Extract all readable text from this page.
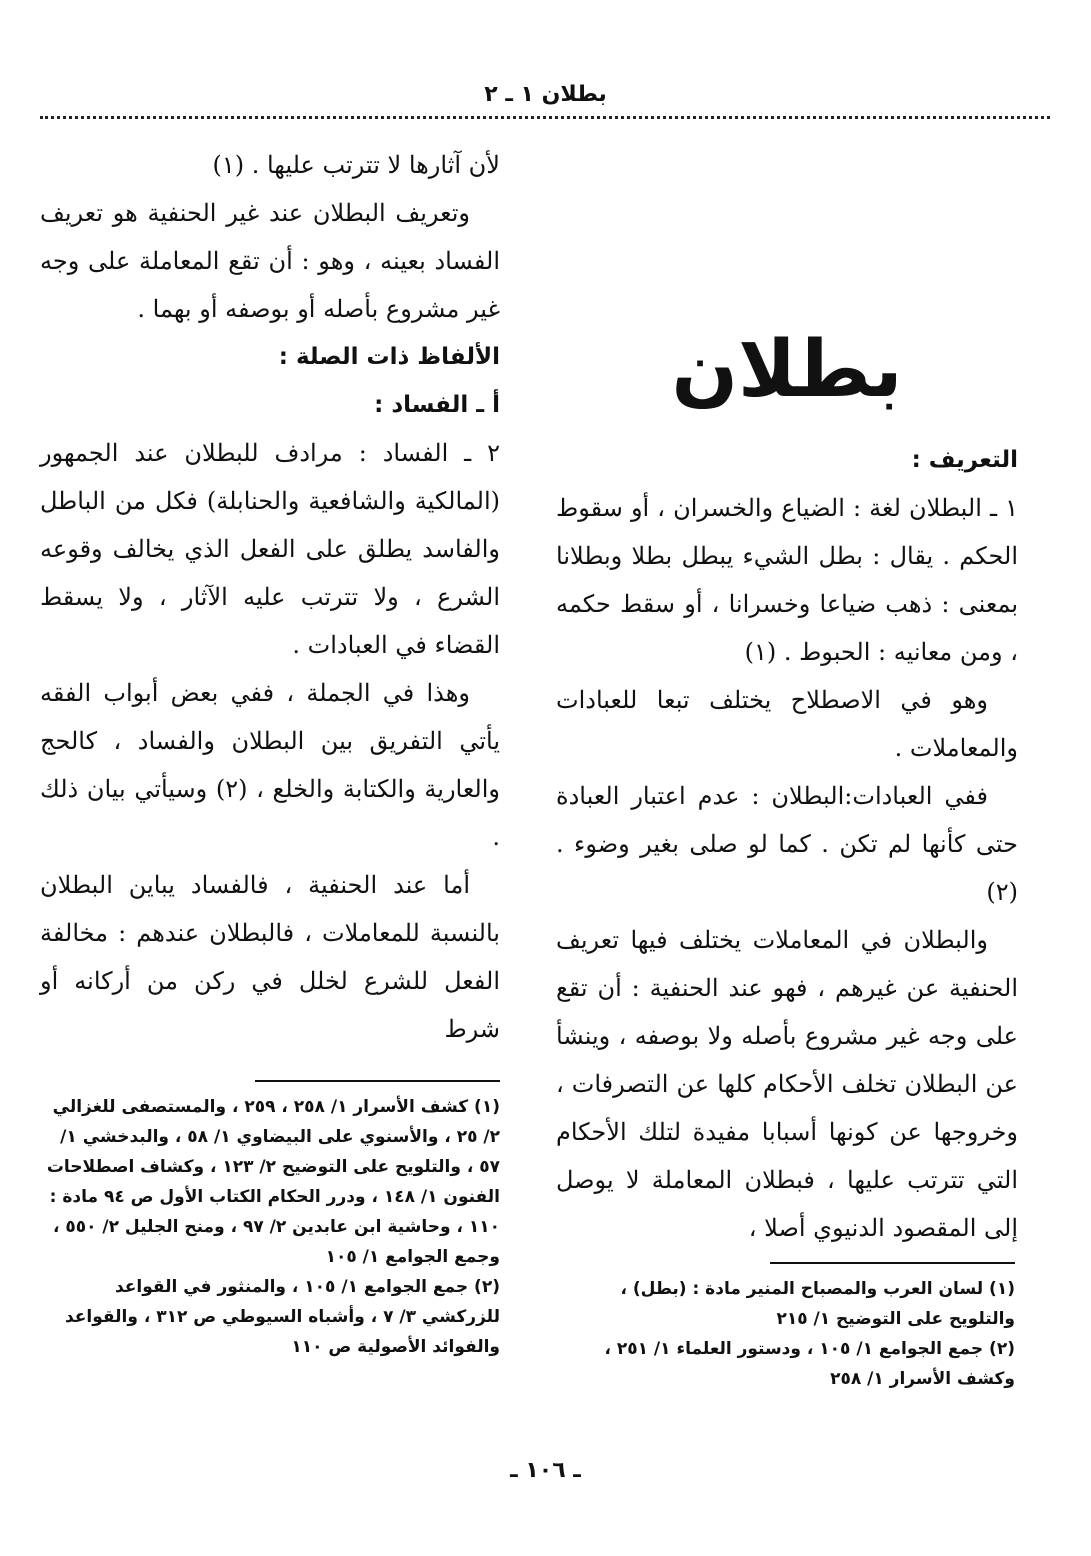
بطلان ١ ـ ٢
بطلان

التعريف :

١ ـ البطلان لغة : الضياع والخسران ، أو سقوط الحكم . يقال : بطل الشيء يبطل بطلا وبطلانا بمعنى : ذهب ضياعا وخسرانا ، أو سقط حكمه ، ومن معانيه : الحبوط . (١)

وهو في الاصطلاح يختلف تبعا للعبادات والمعاملات .

ففي العبادات:البطلان : عدم اعتبار العبادة حتى كأنها لم تكن . كما لو صلى بغير وضوء . (٢)

والبطلان في المعاملات يختلف فيها تعريف الحنفية عن غيرهم ، فهو عند الحنفية : أن تقع على وجه غير مشروع بأصله ولا بوصفه ، وينشأ عن البطلان تخلف الأحكام كلها عن التصرفات ، وخروجها عن كونها أسبابا مفيدة لتلك الأحكام التي تترتب عليها ، فبطلان المعاملة لا يوصل إلى المقصود الدنيوي أصلا ،

(١) لسان العرب والمصباح المنير مادة : (بطل) ، والتلويح على التوضيح ١/ ٢١٥

(٢) جمع الجوامع ١/ ١٠٥ ، ودستور العلماء ١/ ٢٥١ ، وكشف الأسرار ١/ ٢٥٨

لأن آثارها لا تترتب عليها . (١)

وتعريف البطلان عند غير الحنفية هو تعريف الفساد بعينه ، وهو : أن تقع المعاملة على وجه غير مشروع بأصله أو بوصفه أو بهما .

الألفاظ ذات الصلة :

أ ـ الفساد :

٢ ـ الفساد : مرادف للبطلان عند الجمهور (المالكية والشافعية والحنابلة) فكل من الباطل والفاسد يطلق على الفعل الذي يخالف وقوعه الشرع ، ولا تترتب عليه الآثار ، ولا يسقط القضاء في العبادات .

وهذا في الجملة ، ففي بعض أبواب الفقه يأتي التفريق بين البطلان والفساد ، كالحج والعارية والكتابة والخلع ، (٢) وسيأتي بيان ذلك .

أما عند الحنفية ، فالفساد يباين البطلان بالنسبة للمعاملات ، فالبطلان عندهم : مخالفة الفعل للشرع لخلل في ركن من أركانه أو شرط

(١) كشف الأسرار ١/ ٢٥٨ ، ٢٥٩ ، والمستصفى للغزالي ٢/ ٢٥ ، والأسنوي على البيضاوي ١/ ٥٨ ، والبدخشي ١/ ٥٧ ، والتلويح على التوضيح ٢/ ١٢٣ ، وكشاف اصطلاحات الفنون ١/ ١٤٨ ، ودرر الحكام الكتاب الأول ص ٩٤ مادة : ١١٠ ، وحاشية ابن عابدين ٢/ ٩٧ ، ومنح الجليل ٢/ ٥٥٠ ، وجمع الجوامع ١/ ١٠٥

(٢) جمع الجوامع ١/ ١٠٥ ، والمنثور في القواعد للزركشي ٣/ ٧ ، وأشباه السيوطي ص ٣١٢ ، والقواعد والفوائد الأصولية ص ١١٠

ـ ١٠٦ ـ
